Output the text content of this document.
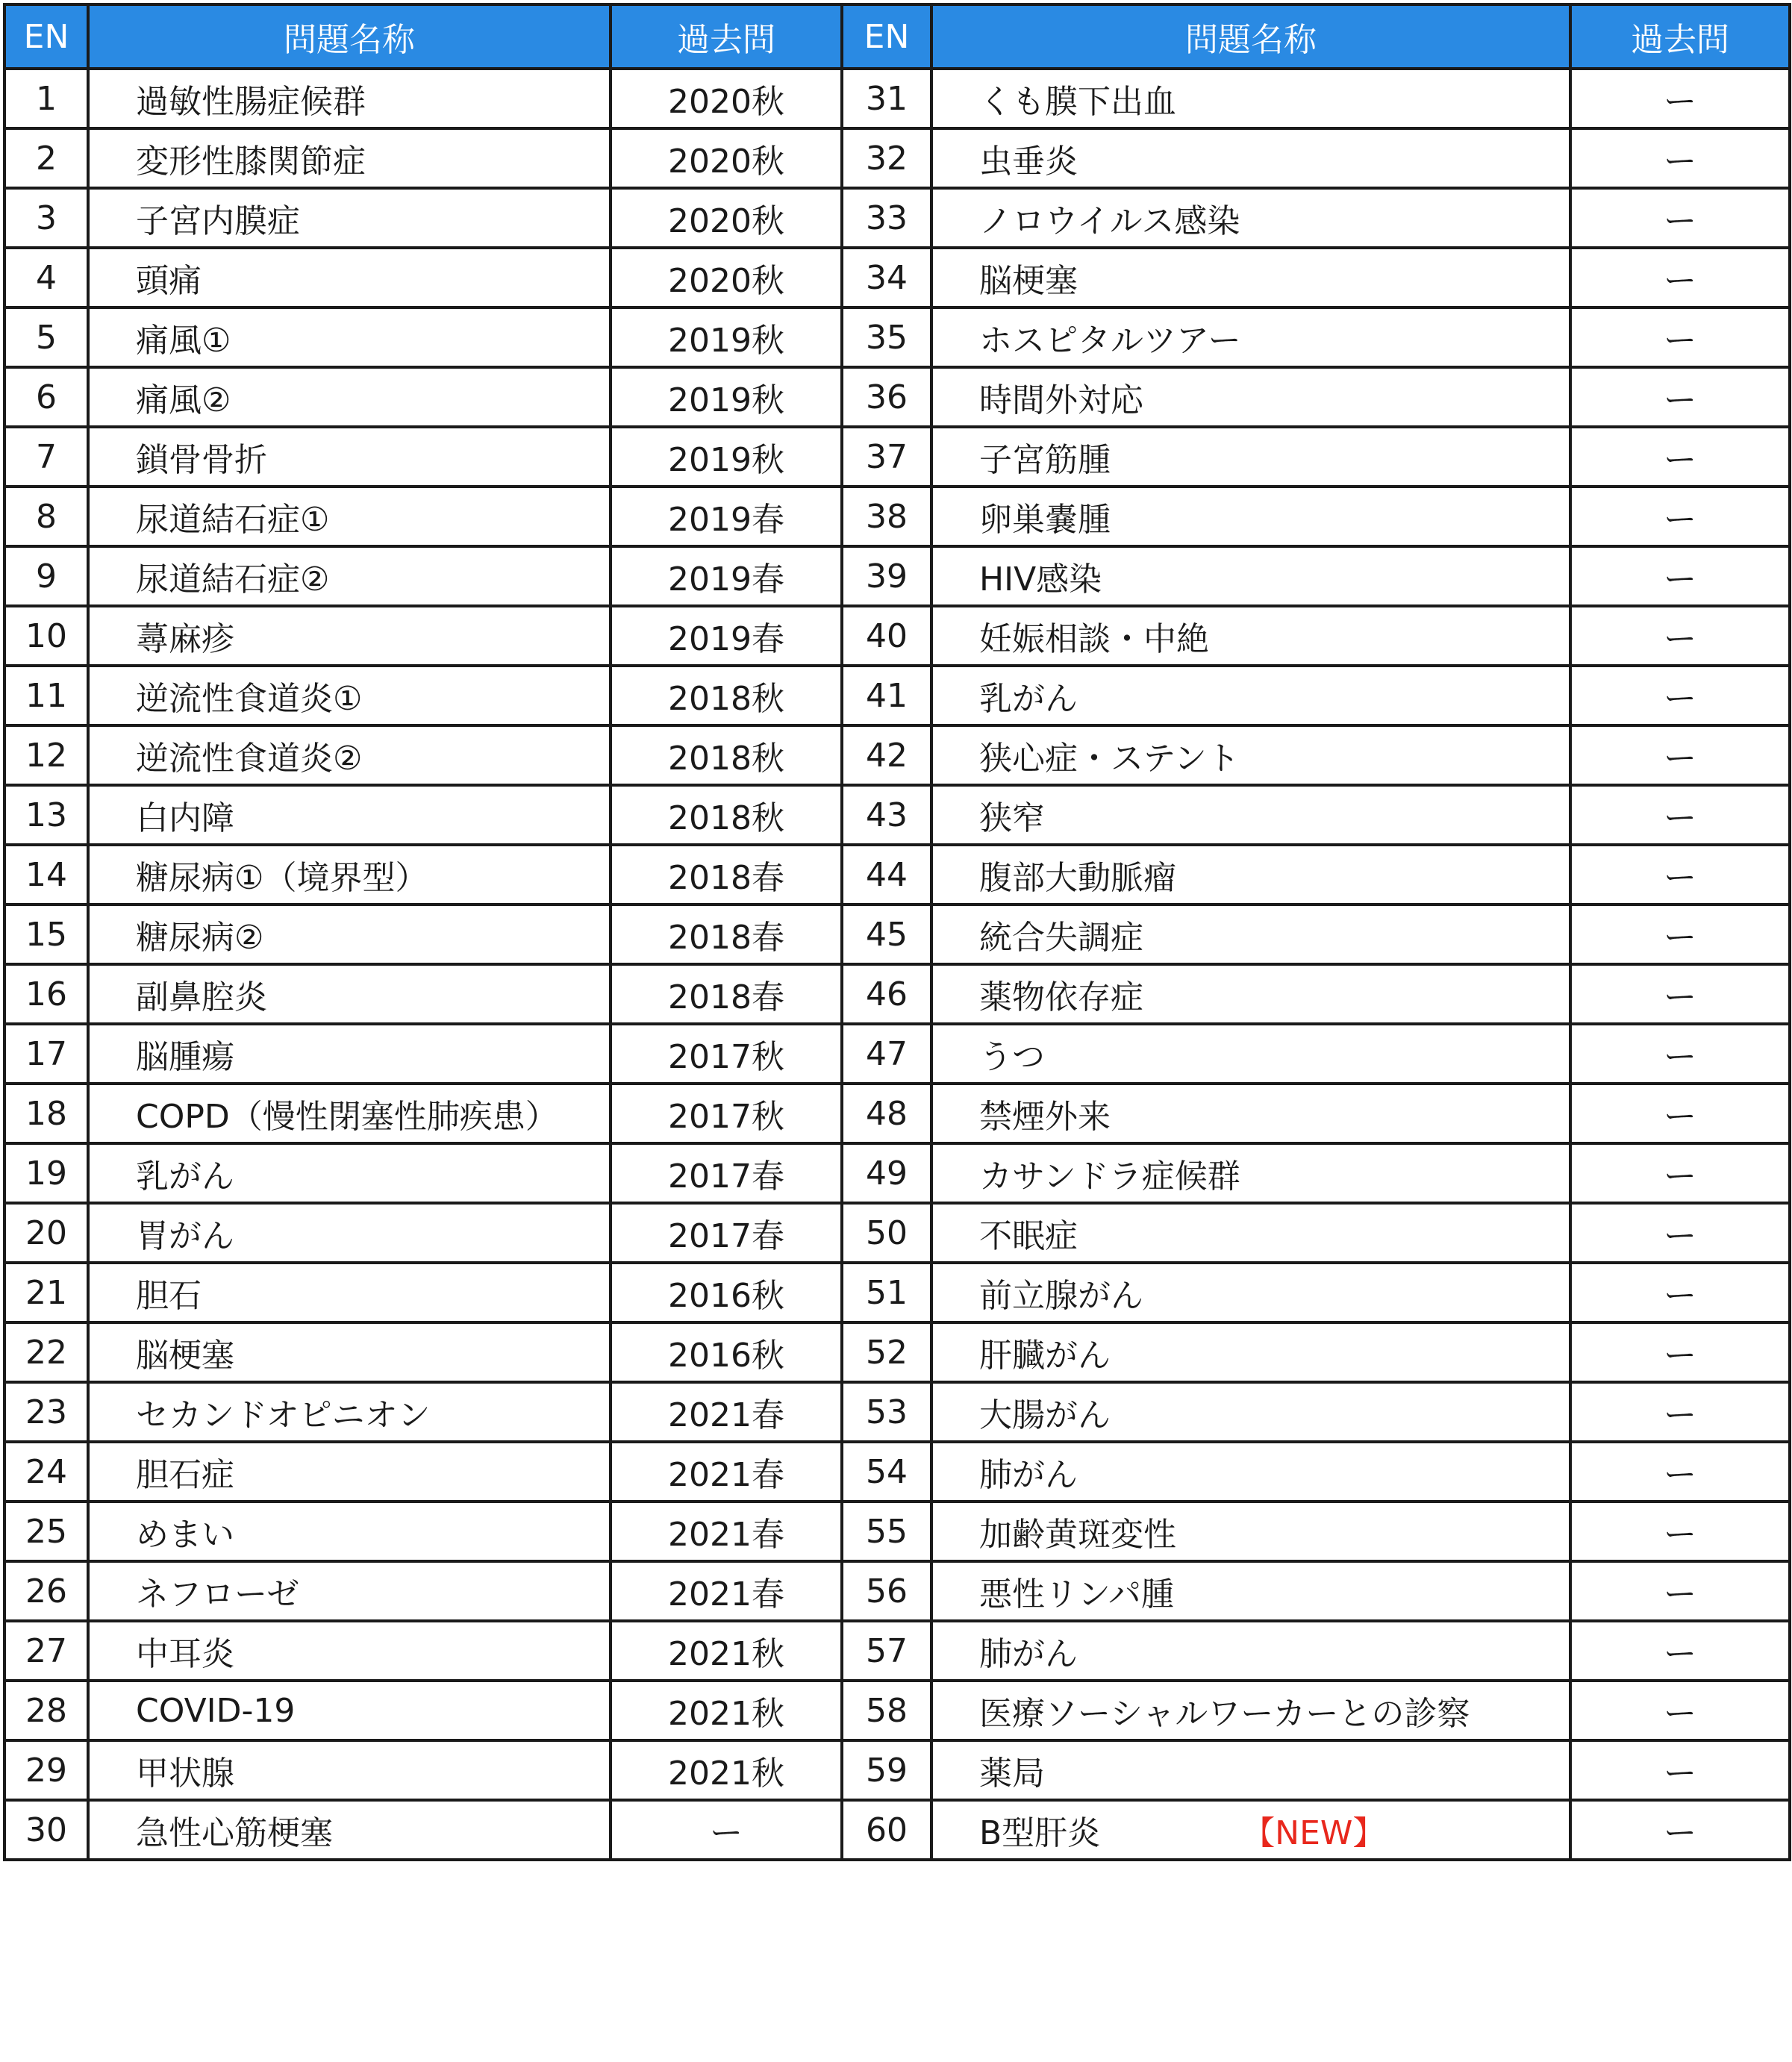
EN	問題名称	過去問	EN	問題名称	過去問
1	過敏性腸症候群	2020秋	31	くも膜下出血	ー
2	変形性膝関節症	2020秋	32	虫垂炎	ー
3	子宮内膜症	2020秋	33	ノロウイルス感染	ー
4	頭痛	2020秋	34	脳梗塞	ー
5	痛風①	2019秋	35	ホスピタルツアー	ー
6	痛風②	2019秋	36	時間外対応	ー
7	鎖骨骨折	2019秋	37	子宮筋腫	ー
8	尿道結石症①	2019春	38	卵巣嚢腫	ー
9	尿道結石症②	2019春	39	HIV感染	ー
10	蕁麻疹	2019春	40	妊娠相談・中絶	ー
11	逆流性食道炎①	2018秋	41	乳がん	ー
12	逆流性食道炎②	2018秋	42	狭心症・ステント	ー
13	白内障	2018秋	43	狭窄	ー
14	糖尿病①（境界型）	2018春	44	腹部大動脈瘤	ー
15	糖尿病②	2018春	45	統合失調症	ー
16	副鼻腔炎	2018春	46	薬物依存症	ー
17	脳腫瘍	2017秋	47	うつ	ー
18	COPD（慢性閉塞性肺疾患）	2017秋	48	禁煙外来	ー
19	乳がん	2017春	49	カサンドラ症候群	ー
20	胃がん	2017春	50	不眠症	ー
21	胆石	2016秋	51	前立腺がん	ー
22	脳梗塞	2016秋	52	肝臓がん	ー
23	セカンドオピニオン	2021春	53	大腸がん	ー
24	胆石症	2021春	54	肺がん	ー
25	めまい	2021春	55	加齢黄斑変性	ー
26	ネフローゼ	2021春	56	悪性リンパ腫	ー
27	中耳炎	2021秋	57	肺がん	ー
28	COVID-19	2021秋	58	医療ソーシャルワーカーとの診察	ー
29	甲状腺	2021秋	59	薬局	ー
30	急性心筋梗塞	ー	60	B型肝炎 【NEW】	ー
